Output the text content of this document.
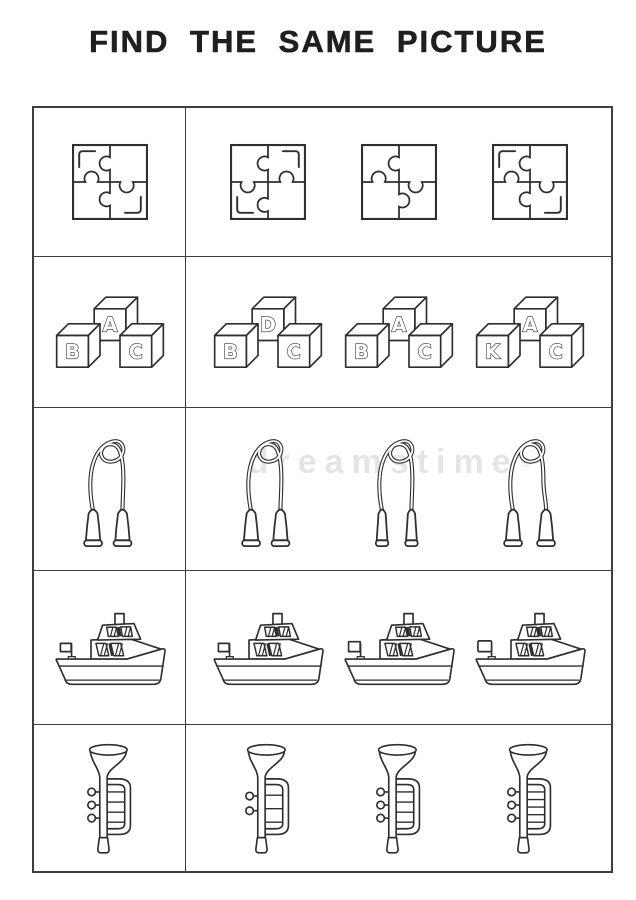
FIND THE SAME PICTURE
dreamstime ®
A
B C
D
B C
A
B C
A
K C
